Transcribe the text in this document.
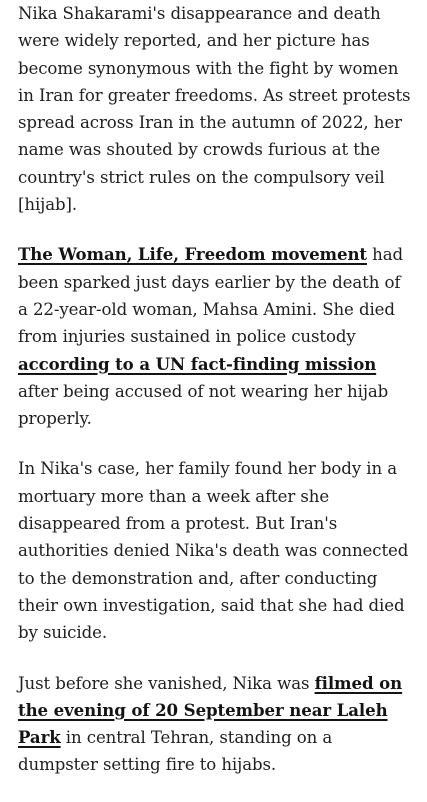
Nika Shakarami's disappearance and death were widely reported, and her picture has become synonymous with the fight by women in Iran for greater freedoms. As street protests spread across Iran in the autumn of 2022, her name was shouted by crowds furious at the country's strict rules on the compulsory veil [hijab].

The Woman, Life, Freedom movement had been sparked just days earlier by the death of a 22-year-old woman, Mahsa Amini. She died from injuries sustained in police custody according to a UN fact-finding mission after being accused of not wearing her hijab properly.

In Nika's case, her family found her body in a mortuary more than a week after she disappeared from a protest. But Iran's authorities denied Nika's death was connected to the demonstration and, after conducting their own investigation, said that she had died by suicide.

Just before she vanished, Nika was filmed on the evening of 20 September near Laleh Park in central Tehran, standing on a dumpster setting fire to hijabs.
